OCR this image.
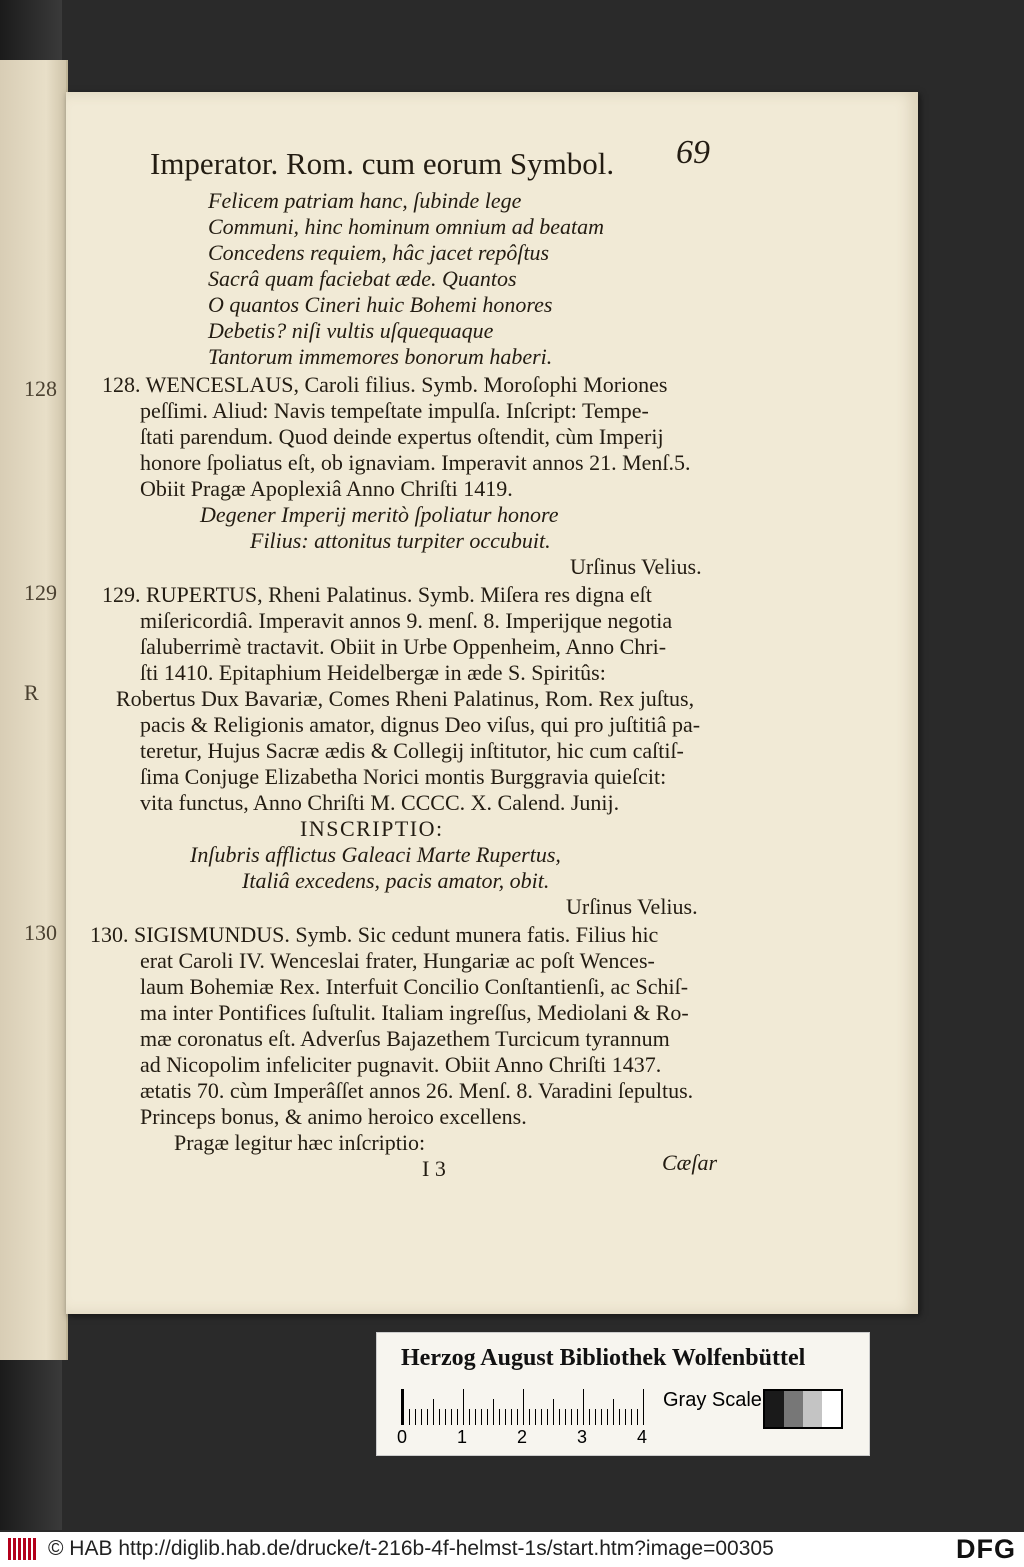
128
129
R
130
Imperator. Rom. cum eorum Symbol. 69
Felicem patriam hanc, ſubinde lege
Communi, hinc hominum omnium ad beatam
Concedens requiem, hâc jacet repôſtus
Sacrâ quam faciebat æde. Quantos
O quantos Cineri huic Bohemi honores
Debetis? niſi vultis uſquequaque
Tantorum immemores bonorum haberi.
128. WENCESLAUS, Caroli filius. Symb. Moroſophi Moriones
peſſimi. Aliud: Navis tempeſtate impulſa. Inſcript: Tempe-
ſtati parendum. Quod deinde expertus oſtendit, cùm Imperij
honore ſpoliatus eſt, ob ignaviam. Imperavit annos 21. Menſ.5.
Obiit Pragæ Apoplexiâ Anno Chriſti 1419.
Degener Imperij meritò ſpoliatur honore
Filius: attonitus turpiter occubuit.
Urſinus Velius.
129. RUPERTUS, Rheni Palatinus. Symb. Miſera res digna eſt
miſericordiâ. Imperavit annos 9. menſ. 8. Imperijque negotia
ſaluberrimè tractavit. Obiit in Urbe Oppenheim, Anno Chri-
ſti 1410. Epitaphium Heidelbergæ in æde S. Spiritûs:
Robertus Dux Bavariæ, Comes Rheni Palatinus, Rom. Rex juſtus,
pacis & Religionis amator, dignus Deo viſus, qui pro juſtitiâ pa-
teretur, Hujus Sacræ ædis & Collegij inſtitutor, hic cum caſtiſ-
ſima Conjuge Elizabetha Norici montis Burggravia quieſcit:
vita functus, Anno Chriſti M. CCCC. X. Calend. Junij.
INSCRIPTIO:
Inſubris afflictus Galeaci Marte Rupertus,
Italiâ excedens, pacis amator, obit.
Urſinus Velius.
130. SIGISMUNDUS. Symb. Sic cedunt munera fatis. Filius hic
erat Caroli IV. Wenceslai frater, Hungariæ ac poſt Wences-
laum Bohemiæ Rex. Interfuit Concilio Conſtantienſi, ac Schiſ-
ma inter Pontifices ſuſtulit. Italiam ingreſſus, Mediolani & Ro-
mæ coronatus eſt. Adverſus Bajazethem Turcicum tyrannum
ad Nicopolim infeliciter pugnavit. Obiit Anno Chriſti 1437.
ætatis 70. cùm Imperâſſet annos 26. Menſ. 8. Varadini ſepultus.
Princeps bonus, & animo heroico excellens.
Pragæ legitur hæc inſcriptio:
I 3	Cæſar
Herzog August Bibliothek Wolfenbüttel
0	1	2	3	4
Gray Scale
© HAB http://diglib.hab.de/drucke/t-216b-4f-helmst-1s/start.htm?image=00305	DFG
